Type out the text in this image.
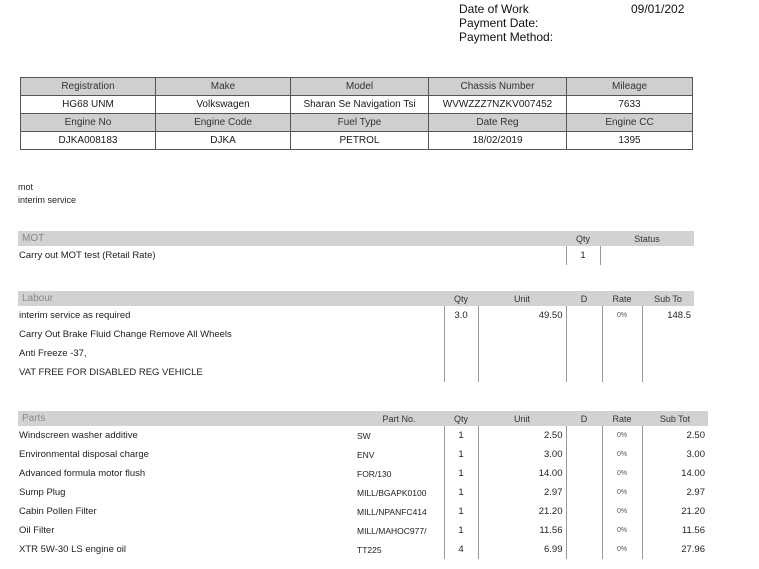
Date of Work	09/01/202
Payment Date:
Payment Method:
Registration	Make	Model	Chassis Number	Mileage
HG68 UNM	Volkswagen	Sharan Se Navigation Tsi	WVWZZZ7NZKV007452	7633
Engine No	Engine Code	Fuel Type	Date Reg	Engine CC
DJKA008183	DJKA	PETROL	18/02/2019	1395
mot
interim service
MOT	Qty	Status
Carry out MOT test (Retail Rate)	1	
Labour	Qty	Unit	D	Rate	Sub To
interim service as required	3.0	49.50		0%	148.5
Carry Out Brake Fluid Change Remove All Wheels					
Anti Freeze -37,					
VAT FREE FOR DISABLED REG VEHICLE					
Parts	Part No.	Qty	Unit	D	Rate	Sub Tot
Windscreen washer additive	SW	1	2.50		0%	2.50
Environmental disposal charge	ENV	1	3.00		0%	3.00
Advanced formula motor flush	FOR/130	1	14.00		0%	14.00
Sump Plug	MILL/BGAPK0100	1	2.97		0%	2.97
Cabin Pollen Filter	MILL/NPANFC414	1	21.20		0%	21.20
Oil Filter	MILL/MAHOC977/	1	11.56		0%	11.56
XTR 5W-30 LS engine oil	TT225	4	6.99		0%	27.96
